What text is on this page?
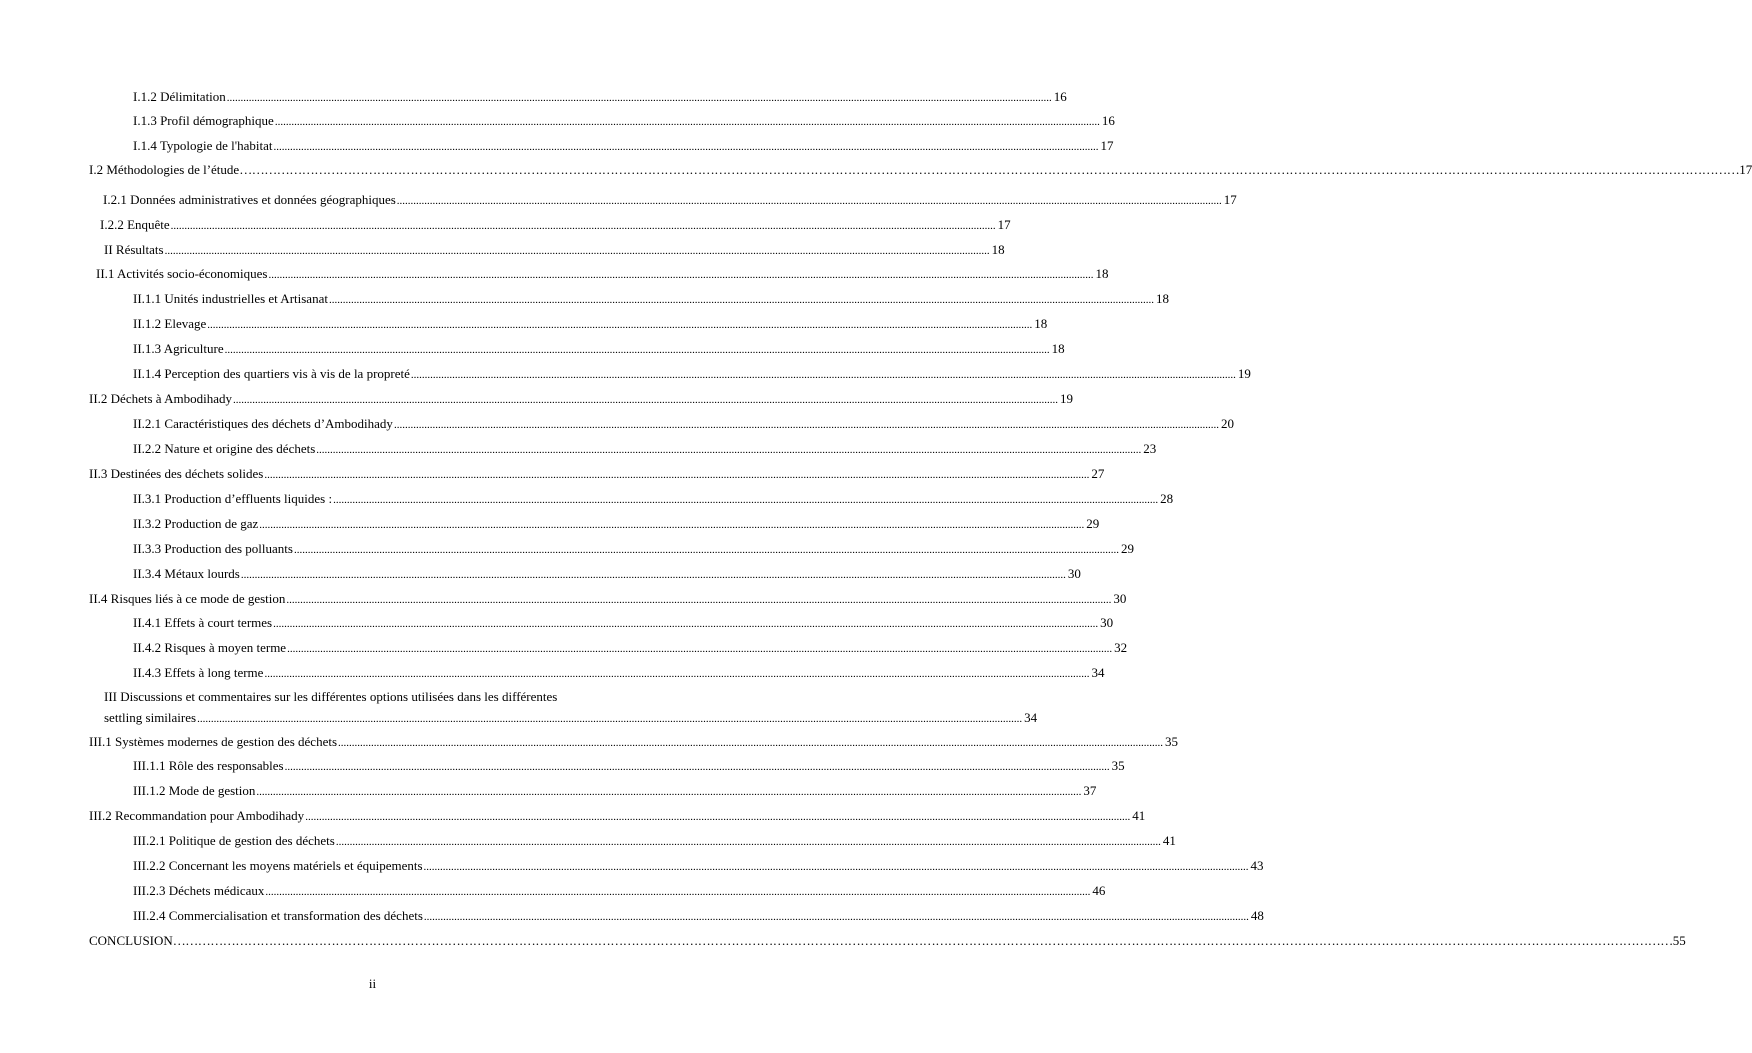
I.1.2 Délimitation ............................................................................................................................................................................................................................................................................................................ 16
I.1.3 Profil démographique ............................................................................................................................................................................................................................................................................................................ 16
I.1.4 Typologie de l'habitat ............................................................................................................................................................................................................................................................................................................ 17
I.2 Méthodologies de l’étude ……………………………………………………………………………………………………………………………………………………………………………………………………………………………………………………………………………………………………………………………… 17
I.2.1 Données administratives et données géographiques ............................................................................................................................................................................................................................................................................................................ 17
I.2.2 Enquête ............................................................................................................................................................................................................................................................................................................ 17
II Résultats ............................................................................................................................................................................................................................................................................................................ 18
II.1 Activités socio-économiques ............................................................................................................................................................................................................................................................................................................ 18
II.1.1 Unités industrielles et Artisanat ............................................................................................................................................................................................................................................................................................................ 18
II.1.2 Elevage ............................................................................................................................................................................................................................................................................................................ 18
II.1.3 Agriculture ............................................................................................................................................................................................................................................................................................................ 18
II.1.4 Perception des quartiers vis à vis de la propreté ............................................................................................................................................................................................................................................................................................................ 19
II.2 Déchets à Ambodihady ............................................................................................................................................................................................................................................................................................................ 19
II.2.1 Caractéristiques des déchets d’Ambodihady ............................................................................................................................................................................................................................................................................................................ 20
II.2.2 Nature et origine des déchets ............................................................................................................................................................................................................................................................................................................ 23
II.3 Destinées des déchets solides ............................................................................................................................................................................................................................................................................................................ 27
II.3.1 Production d’effluents liquides : ............................................................................................................................................................................................................................................................................................................ 28
II.3.2 Production de gaz ............................................................................................................................................................................................................................................................................................................ 29
II.3.3 Production des polluants ............................................................................................................................................................................................................................................................................................................ 29
II.3.4 Métaux lourds ............................................................................................................................................................................................................................................................................................................ 30
II.4 Risques liés à ce mode de gestion ............................................................................................................................................................................................................................................................................................................ 30
II.4.1 Effets à court termes ............................................................................................................................................................................................................................................................................................................ 30
II.4.2 Risques à moyen terme ............................................................................................................................................................................................................................................................................................................ 32
II.4.3 Effets à long terme ............................................................................................................................................................................................................................................................................................................ 34
III Discussions et commentaires sur les différentes options utilisées dans les différentes
settling similaires ............................................................................................................................................................................................................................................................................................................ 34
III.1 Systèmes modernes de gestion des déchets ............................................................................................................................................................................................................................................................................................................ 35
III.1.1 Rôle des responsables ............................................................................................................................................................................................................................................................................................................ 35
III.1.2 Mode de gestion ............................................................................................................................................................................................................................................................................................................ 37
III.2 Recommandation pour Ambodihady ............................................................................................................................................................................................................................................................................................................ 41
III.2.1 Politique de gestion des déchets ............................................................................................................................................................................................................................................................................................................ 41
III.2.2 Concernant les moyens matériels et équipements ............................................................................................................................................................................................................................................................................................................ 43
III.2.3 Déchets médicaux ............................................................................................................................................................................................................................................................................................................ 46
III.2.4 Commercialisation et transformation des déchets ............................................................................................................................................................................................................................................................................................................ 48
CONCLUSION ……………………………………………………………………………………………………………………………………………………………………………………………………………………………………………………………………………………………………………………………… 55
ii
